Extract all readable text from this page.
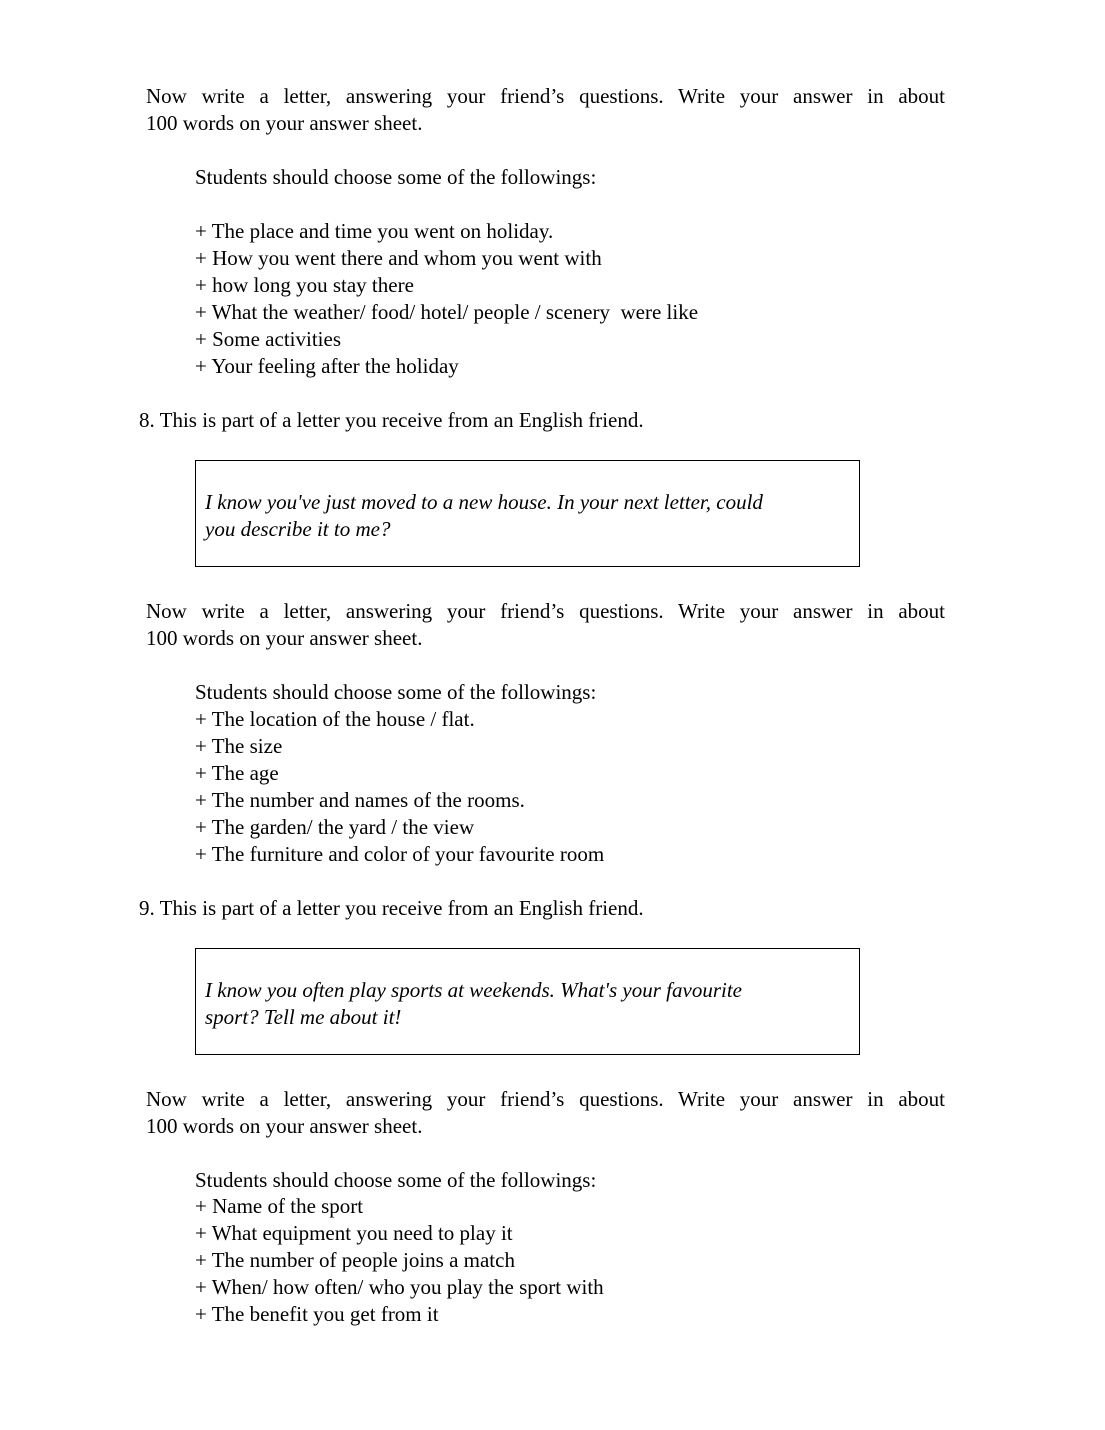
Now write a letter, answering your friend’s questions. Write your answer in about
100 words on your answer sheet.

Students should choose some of the followings:

+ The place and time you went on holiday.
+ How you went there and whom you went with
+ how long you stay there
+ What the weather/ food/ hotel/ people / scenery  were like
+ Some activities
+ Your feeling after the holiday

8. This is part of a letter you receive from an English friend.

I know you've just moved to a new house. In your next letter, could
you describe it to me?

Now write a letter, answering your friend’s questions. Write your answer in about
100 words on your answer sheet.

Students should choose some of the followings:

+ The location of the house / flat.
+ The size
+ The age
+ The number and names of the rooms.
+ The garden/ the yard / the view
+ The furniture and color of your favourite room

9. This is part of a letter you receive from an English friend.

I know you often play sports at weekends. What's your favourite
sport? Tell me about it!

Now write a letter, answering your friend’s questions. Write your answer in about
100 words on your answer sheet.

Students should choose some of the followings:

+ Name of the sport
+ What equipment you need to play it
+ The number of people joins a match
+ When/ how often/ who you play the sport with
+ The benefit you get from it
